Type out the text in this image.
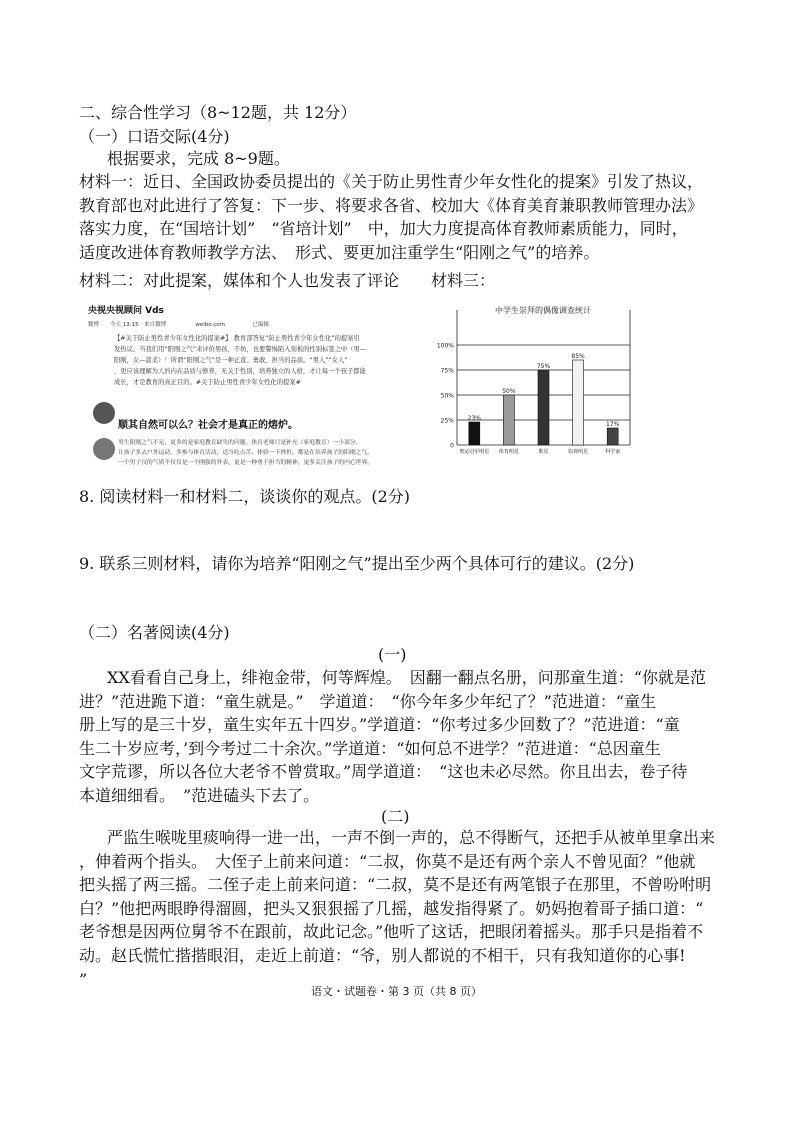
二、综合性学习（8~12题，共 12分）
（一）口语交际(4分)
根据要求，完成 8~9题。
材料一：近日、全国政协委员提出的《关于防止男性青少年女性化的提案》引发了热议，
教育部也对此进行了答复：下一步、将要求各省、校加大《体育美育兼职教师管理办法》
落实力度，在“国培计划”　“省培计划”　中，加大力度提高体育教师素质能力，同时，
适度改进体育教师教学方法、　形式、要更加注重学生“阳刚之气”的培养。
材料二：对此提案，媒体和个人也发表了评论　　材料三：
央视央视顾问 Vds
微博　　今天 13:15　来自微博　　　　　 weibo.com　　　　　已编辑
【#关于防止男性青少年女性化的提案#】 教育部答复“防止男性青少年女性化”的提案引
发热议。当我们用“阳刚之气”来评价男孩，不妨，也要警惕陷入刻板的性别标签之中（男—
阳刚，女—温柔）！所谓“阳刚之气”是一种正直、勇敢、担当的品质。“男人”“女人”
，更应该理解为人的内在品质与修养，无关于性别，培养独立的人格，才让每一个孩子都能
成长，才是教育的真正目的。#关于防止男性青少年女性化的提案#
顺其自然可以么？社会才是真正的熔炉。
男生阳刚之气不足，更多的是家庭教育缺失的问题。体育老师只是补充（家庭教育）一小部分，
让孩子多去户外运动，多参与体育活动，适当吃点苦，体验一下挫折，都是在培养孩子的阳刚之气。
一个男子汉的气质不仅仅是一个刚强的外表，更是一种勇于担当的精神，更多关注孩子的内心世界。
中学生崇拜的偶像调查统计
0
25%
50%
75%
100%
23%
奥运冠军明星
50%
体育明星
75%
歌星
85%
影视明星
17%
科学家
8. 阅读材料一和材料二，谈谈你的观点。(2分)
9. 联系三则材料，请你为培养“阳刚之气”提出至少两个具体可行的建议。(2分)
（二）名著阅读(4分)
(一)
XX看看自己身上，绯袍金带，何等辉煌。　因翻一翻点名册，问那童生道：“你就是范
进？”范进跪下道：“童生就是。”　学道道：　“你今年多少年纪了？”范进道：“童生
册上写的是三十岁，童生实年五十四岁。”学道道：“你考过多少回数了？”范进道：“童
生二十岁应考，’到今考过二十余次。”学道道：“如何总不进学？”范进道：“总因童生
文字荒谬，所以各位大老爷不曾赏取。”周学道道：　“这也未必尽然。你且出去，卷子待
本道细细看。　”范进磕头下去了。
(二)
严监生喉咙里痰响得一进一出，一声不倒一声的，总不得断气，还把手从被单里拿出来
，伸着两个指头。　大侄子上前来问道：“二叔，你莫不是还有两个亲人不曾见面？”他就
把头摇了两三摇。二侄子走上前来问道：“二叔，莫不是还有两笔银子在那里，不曾吩咐明
白？”他把两眼睁得溜圆，把头又狠狠摇了几摇，越发指得紧了。奶妈抱着哥子插口道：“
老爷想是因两位舅爷不在跟前，故此记念。”他听了这话，把眼闭着摇头。那手只是指着不
动。赵氏慌忙揩揩眼泪，走近上前道：“爷，别人都说的不相干，只有我知道你的心事!
”
语文・试题卷・第 3 页（共 8 页）
